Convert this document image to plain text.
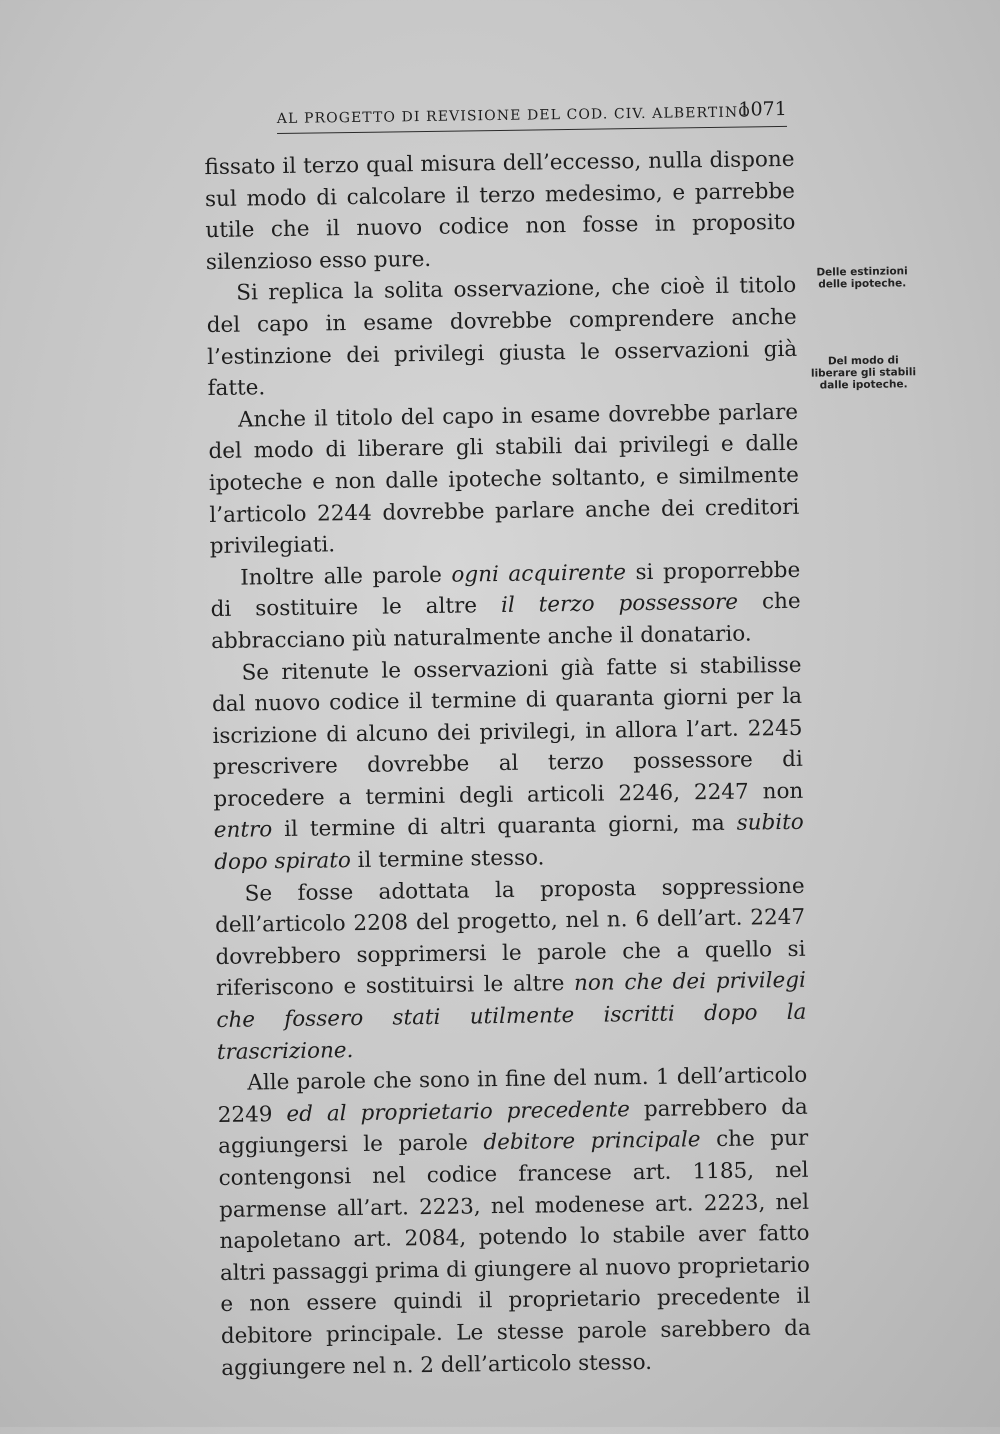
AL PROGETTO DI REVISIONE DEL COD. CIV. ALBERTINO
1071

fissato il terzo qual misura dell’eccesso, nulla dispone sul modo di calcolare il terzo medesimo, e parrebbe utile che il nuovo codice non fosse in proposito silenzioso esso pure.

Si replica la solita osservazione, che cioè il titolo del capo in esame dovrebbe comprendere anche l’estinzione dei privilegi giusta le osservazioni già fatte.

Anche il titolo del capo in esame dovrebbe parlare del modo di liberare gli stabili dai privilegi e dalle ipoteche e non dalle ipoteche soltanto, e similmente l’articolo 2244 dovrebbe parlare anche dei creditori privilegiati.

Inoltre alle parole ogni acquirente si proporrebbe di sostituire le altre il terzo possessore che abbracciano più naturalmente anche il donatario.

Se ritenute le osservazioni già fatte si stabilisse dal nuovo codice il termine di quaranta giorni per la iscrizione di alcuno dei privilegi, in allora l’art. 2245 prescrivere dovrebbe al terzo possessore di procedere a termini degli articoli 2246, 2247 non entro il termine di altri quaranta giorni, ma subito dopo spirato il termine stesso.

Se fosse adottata la proposta soppressione dell’articolo 2208 del progetto, nel n. 6 dell’art. 2247 dovrebbero sopprimersi le parole che a quello si riferiscono e sostituirsi le altre non che dei privilegi che fossero stati utilmente iscritti dopo la trascrizione.

Alle parole che sono in fine del num. 1 dell’articolo 2249 ed al proprietario precedente parrebbero da aggiungersi le parole debitore principale che pur contengonsi nel codice francese art. 1185, nel parmense all’art. 2223, nel modenese art. 2223, nel napoletano art. 2084, potendo lo stabile aver fatto altri passaggi prima di giungere al nuovo proprietario e non essere quindi il proprietario precedente il debitore principale. Le stesse parole sarebbero da aggiungere nel n. 2 dell’articolo stesso.

Delle estinzioni delle ipoteche.
Del modo di liberare gli stabili dalle ipoteche.
